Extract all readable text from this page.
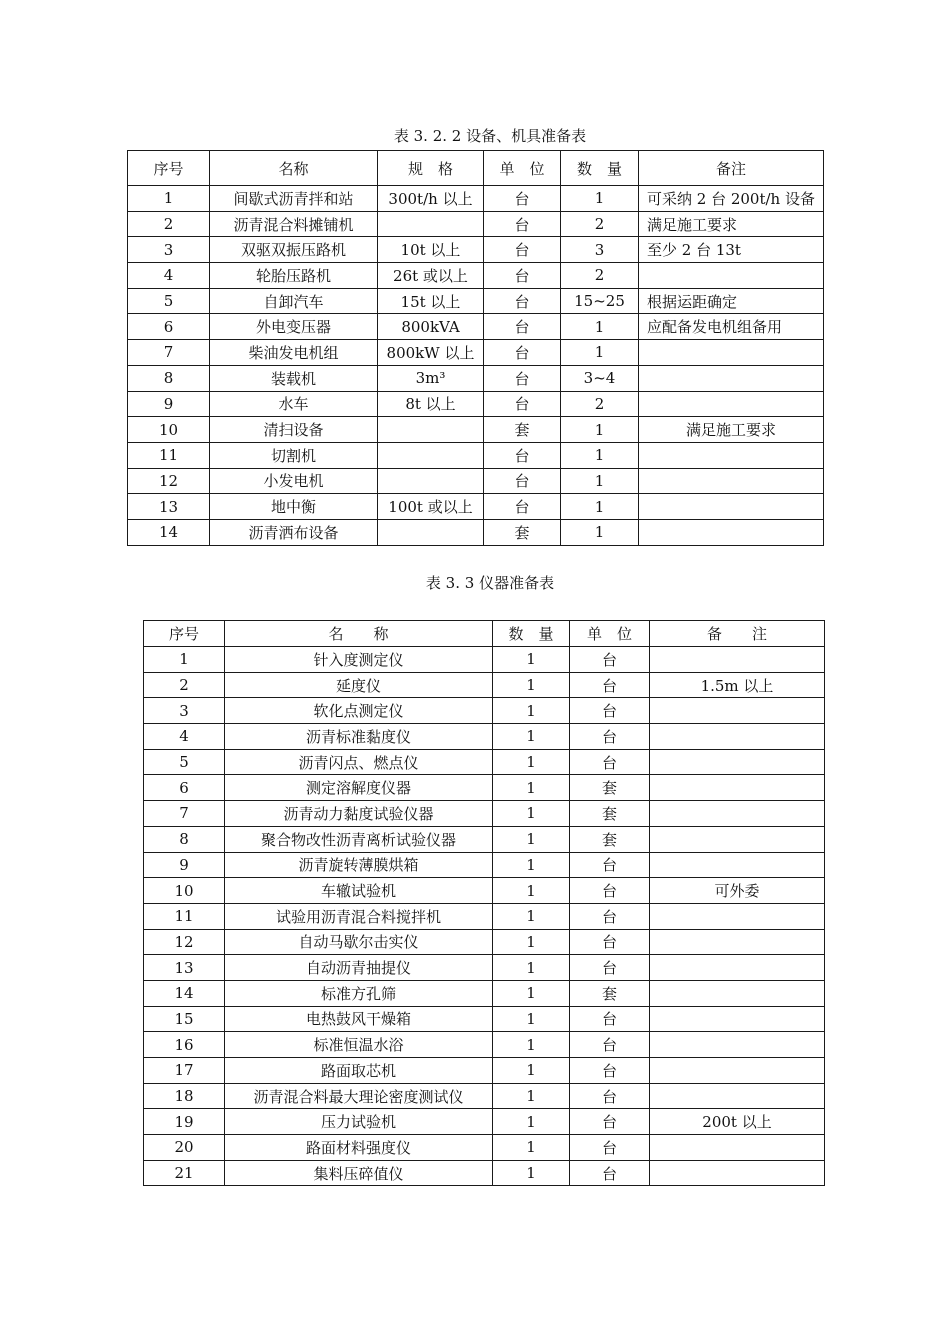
表 3. 2. 2 设备、机具准备表
序号	名称	规　格	单　位	数　量	备注
1	间歇式沥青拌和站	300t/h 以上	台	1	可采纳 2 台 200t/h 设备
2	沥青混合料摊铺机		台	2	满足施工要求
3	双驱双振压路机	10t 以上	台	3	至少 2 台 13t
4	轮胎压路机	26t 或以上	台	2	
5	自卸汽车	15t 以上	台	15~25	根据运距确定
6	外电变压器	800kVA	台	1	应配备发电机组备用
7	柴油发电机组	800kW 以上	台	1	
8	装载机	3m³	台	3~4	
9	水车	8t 以上	台	2	
10	清扫设备		套	1	满足施工要求
11	切割机		台	1	
12	小发电机		台	1	
13	地中衡	100t 或以上	台	1	
14	沥青洒布设备		套	1	
表 3. 3 仪器准备表
序号	名　　称	数　量	单　位	备　　注
1	针入度测定仪	1	台	
2	延度仪	1	台	1.5m 以上
3	软化点测定仪	1	台	
4	沥青标准黏度仪	1	台	
5	沥青闪点、燃点仪	1	台	
6	测定溶解度仪器	1	套	
7	沥青动力黏度试验仪器	1	套	
8	聚合物改性沥青离析试验仪器	1	套	
9	沥青旋转薄膜烘箱	1	台	
10	车辙试验机	1	台	可外委
11	试验用沥青混合料搅拌机	1	台	
12	自动马歇尔击实仪	1	台	
13	自动沥青抽提仪	1	台	
14	标准方孔筛	1	套	
15	电热鼓风干燥箱	1	台	
16	标准恒温水浴	1	台	
17	路面取芯机	1	台	
18	沥青混合料最大理论密度测试仪	1	台	
19	压力试验机	1	台	200t 以上
20	路面材料强度仪	1	台	
21	集料压碎值仪	1	台	
